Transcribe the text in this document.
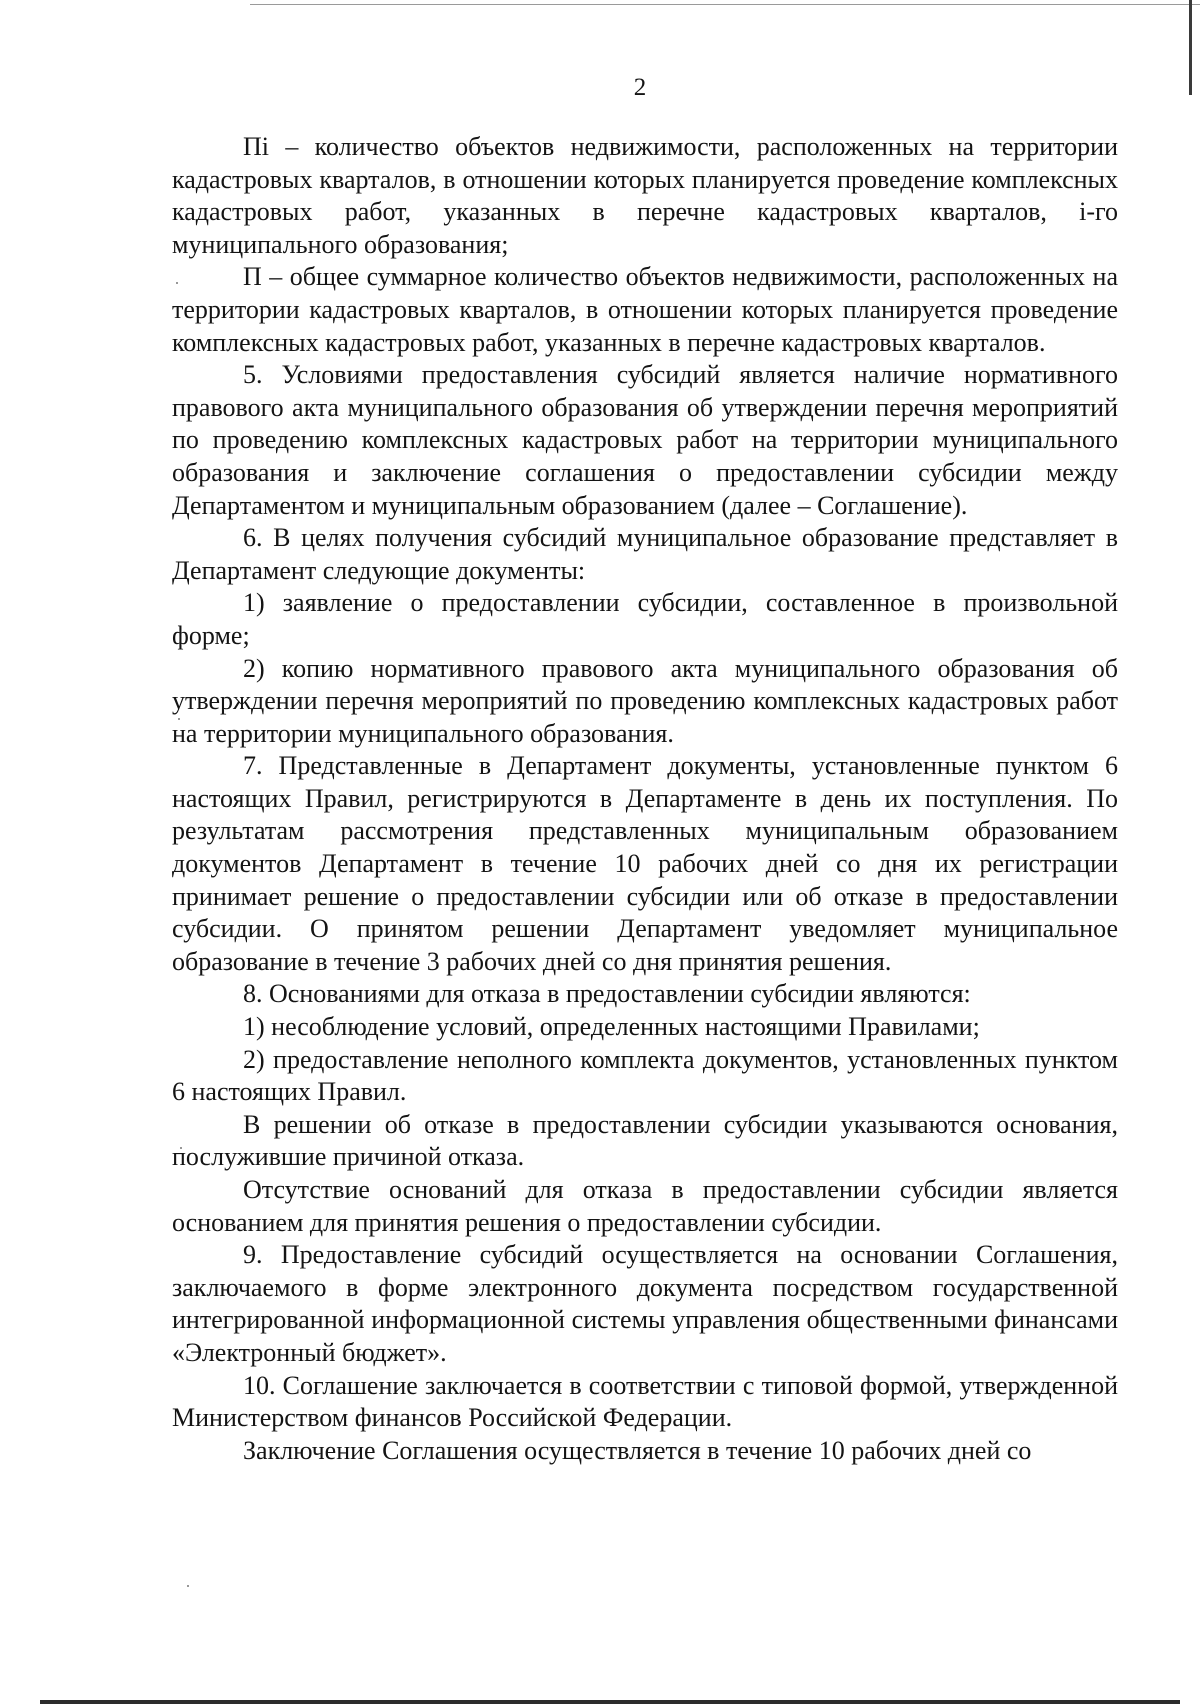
2

Пi – количество объектов недвижимости, расположенных на территории кадастровых кварталов, в отношении которых планируется проведение комплексных кадастровых работ, указанных в перечне кадастровых кварталов, i-го муниципального образования;

П – общее суммарное количество объектов недвижимости, расположенных на территории кадастровых кварталов, в отношении которых планируется проведение комплексных кадастровых работ, указанных в перечне кадастровых кварталов.

5. Условиями предоставления субсидий является наличие нормативного правового акта муниципального образования об утверждении перечня мероприятий по проведению комплексных кадастровых работ на территории муниципального образования и заключение соглашения о предоставлении субсидии между Департаментом и муниципальным образованием (далее – Соглашение).

6. В целях получения субсидий муниципальное образование представляет в Департамент следующие документы:

1) заявление о предоставлении субсидии, составленное в произвольной форме;

2) копию нормативного правового акта муниципального образования об утверждении перечня мероприятий по проведению комплексных кадастровых работ на территории муниципального образования.

7. Представленные в Департамент документы, установленные пунктом 6 настоящих Правил, регистрируются в Департаменте в день их поступления. По результатам рассмотрения представленных муниципальным образованием документов Департамент в течение 10 рабочих дней со дня их регистрации принимает решение о предоставлении субсидии или об отказе в предоставлении субсидии. О принятом решении Департамент уведомляет муниципальное образование в течение 3 рабочих дней со дня принятия решения.

8. Основаниями для отказа в предоставлении субсидии являются:

1) несоблюдение условий, определенных настоящими Правилами;

2) предоставление неполного комплекта документов, установленных пунктом 6 настоящих Правил.

В решении об отказе в предоставлении субсидии указываются основания, послужившие причиной отказа.

Отсутствие оснований для отказа в предоставлении субсидии является основанием для принятия решения о предоставлении субсидии.

9. Предоставление субсидий осуществляется на основании Соглашения, заключаемого в форме электронного документа посредством государственной интегрированной информационной системы управления общественными финансами «Электронный бюджет».

10. Соглашение заключается в соответствии с типовой формой, утвержденной Министерством финансов Российской Федерации.

Заключение Соглашения осуществляется в течение 10 рабочих дней со
